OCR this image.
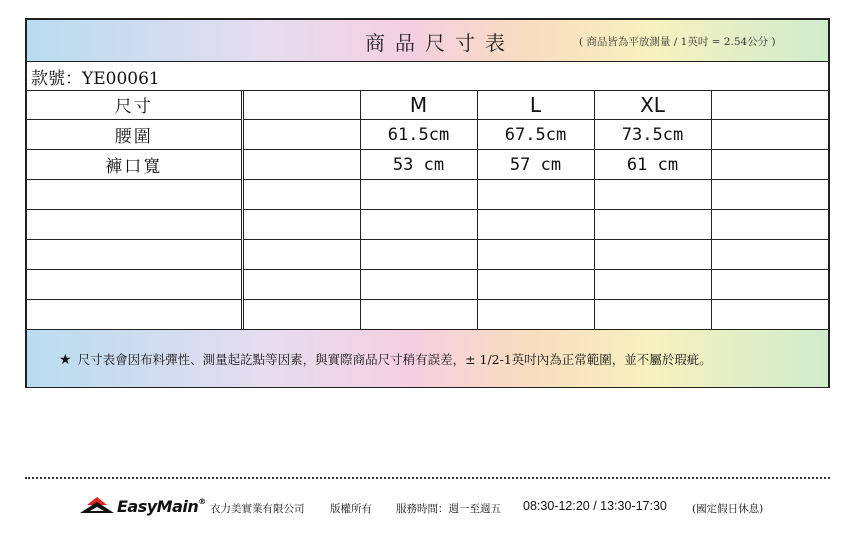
商品尺寸表	( 商品皆為平放測量 / 1英吋 = 2.54公分 )
款號：YE00061
尺寸		M	L	XL	
腰圍		61.5cm	67.5cm	73.5cm	
褲口寬		53 cm	57 cm	61 cm	

★ 尺寸表會因布料彈性、測量起訖點等因素，與實際商品尺寸稍有誤差，± 1/2-1英吋內為正常範圍，並不屬於瑕疵。
EasyMain®
衣力美實業有限公司 版權所有 服務時間：週一至週五 08:30-12:20 / 13:30-17:30 (國定假日休息)
